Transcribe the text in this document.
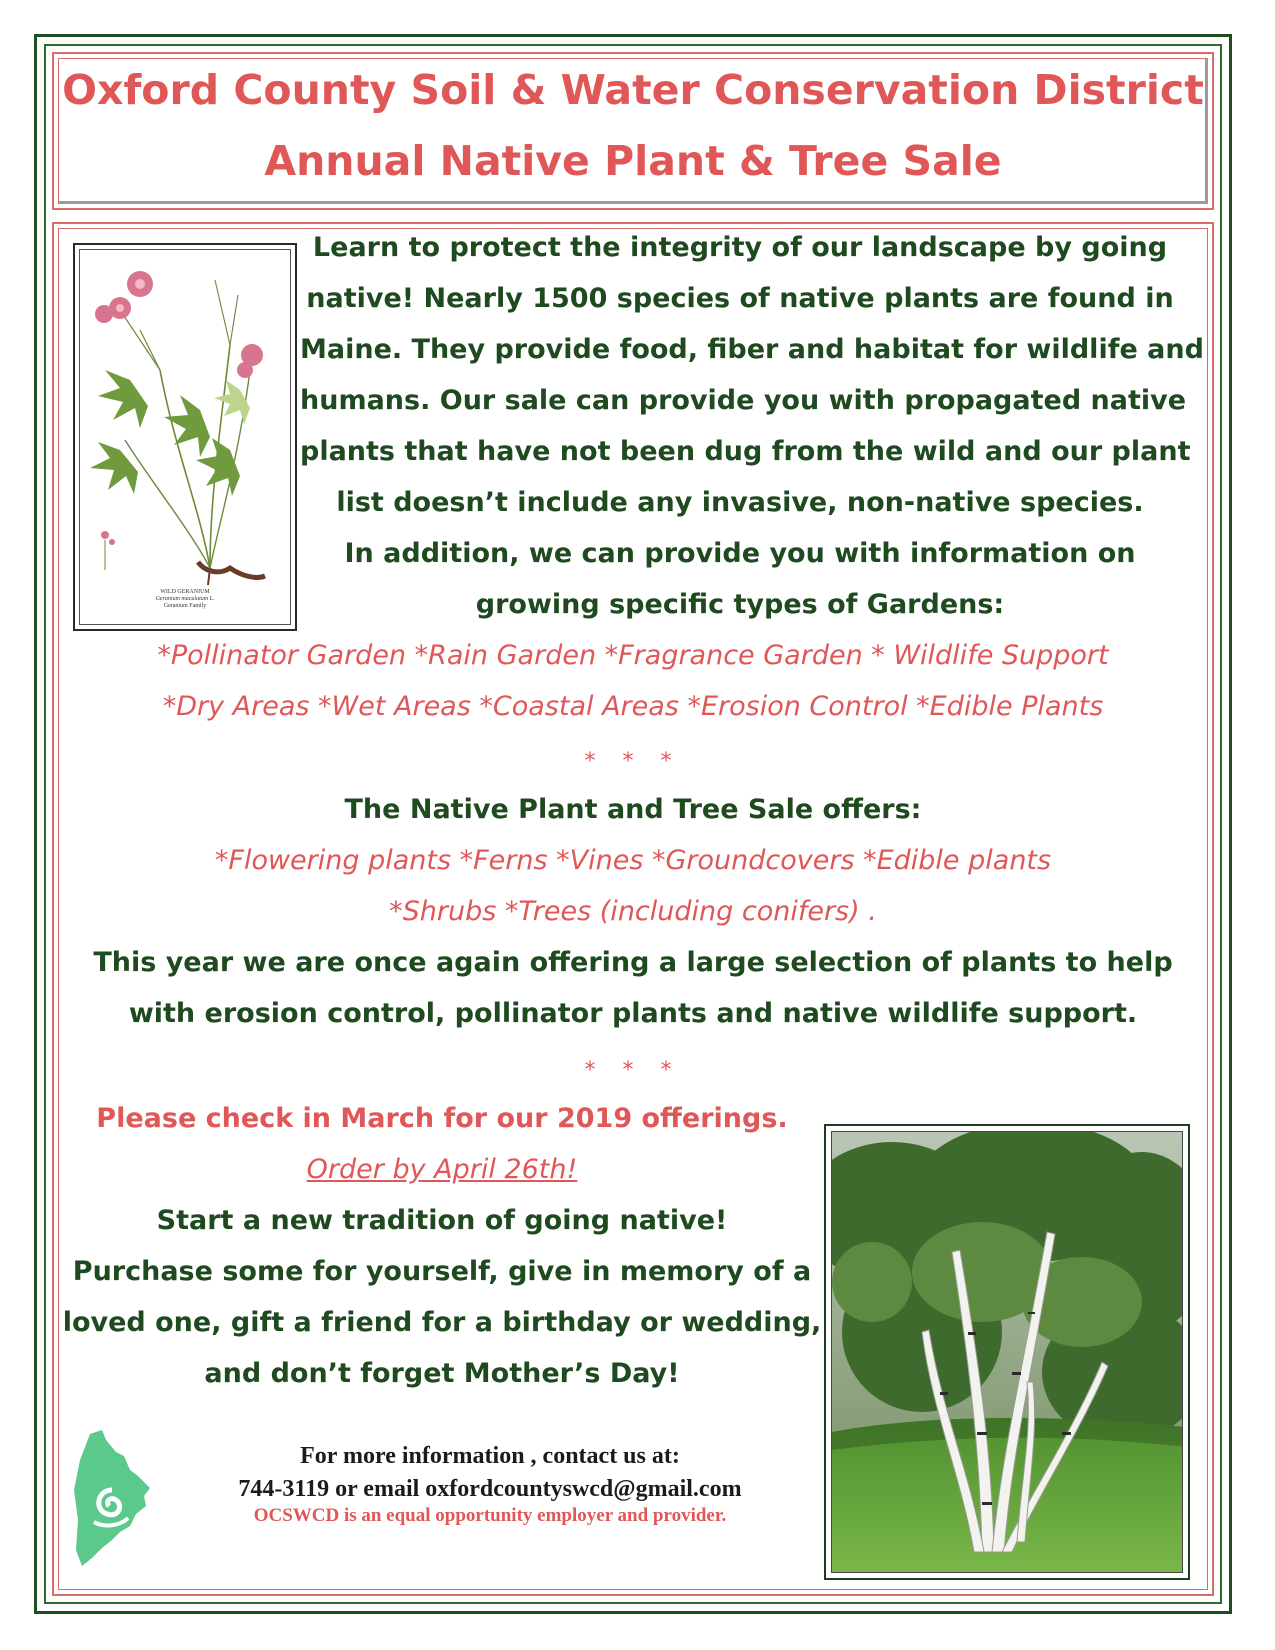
Oxford County Soil & Water Conservation District
Annual Native Plant & Tree Sale
WILD GERANIUM
Geranium maculatum L.
Geranium Family
Learn to protect the integrity of our landscape by going
native! Nearly 1500 species of native plants are found in
Maine. They provide food, fiber and habitat for wildlife and
humans. Our sale can provide you with propagated native
plants that have not been dug from the wild and our plant
list doesn’t include any invasive, non-native species.
In addition, we can provide you with information on
growing specific types of Gardens:
*Pollinator Garden *Rain Garden *Fragrance Garden * Wildlife Support
*Dry Areas *Wet Areas *Coastal Areas *Erosion Control *Edible Plants
* * *
The Native Plant and Tree Sale offers:
*Flowering plants *Ferns *Vines *Groundcovers *Edible plants
*Shrubs *Trees (including conifers) .
This year we are once again offering a large selection of plants to help
with erosion control, pollinator plants and native wildlife support.
* * *
Please check in March for our 2019 offerings.
Order by April 26th!
Start a new tradition of going native!
Purchase some for yourself, give in memory of a
loved one, gift a friend for a birthday or wedding,
and don’t forget Mother’s Day!
For more information , contact us at:
744-3119 or email oxfordcountyswcd@gmail.com
OCSWCD is an equal opportunity employer and provider.
